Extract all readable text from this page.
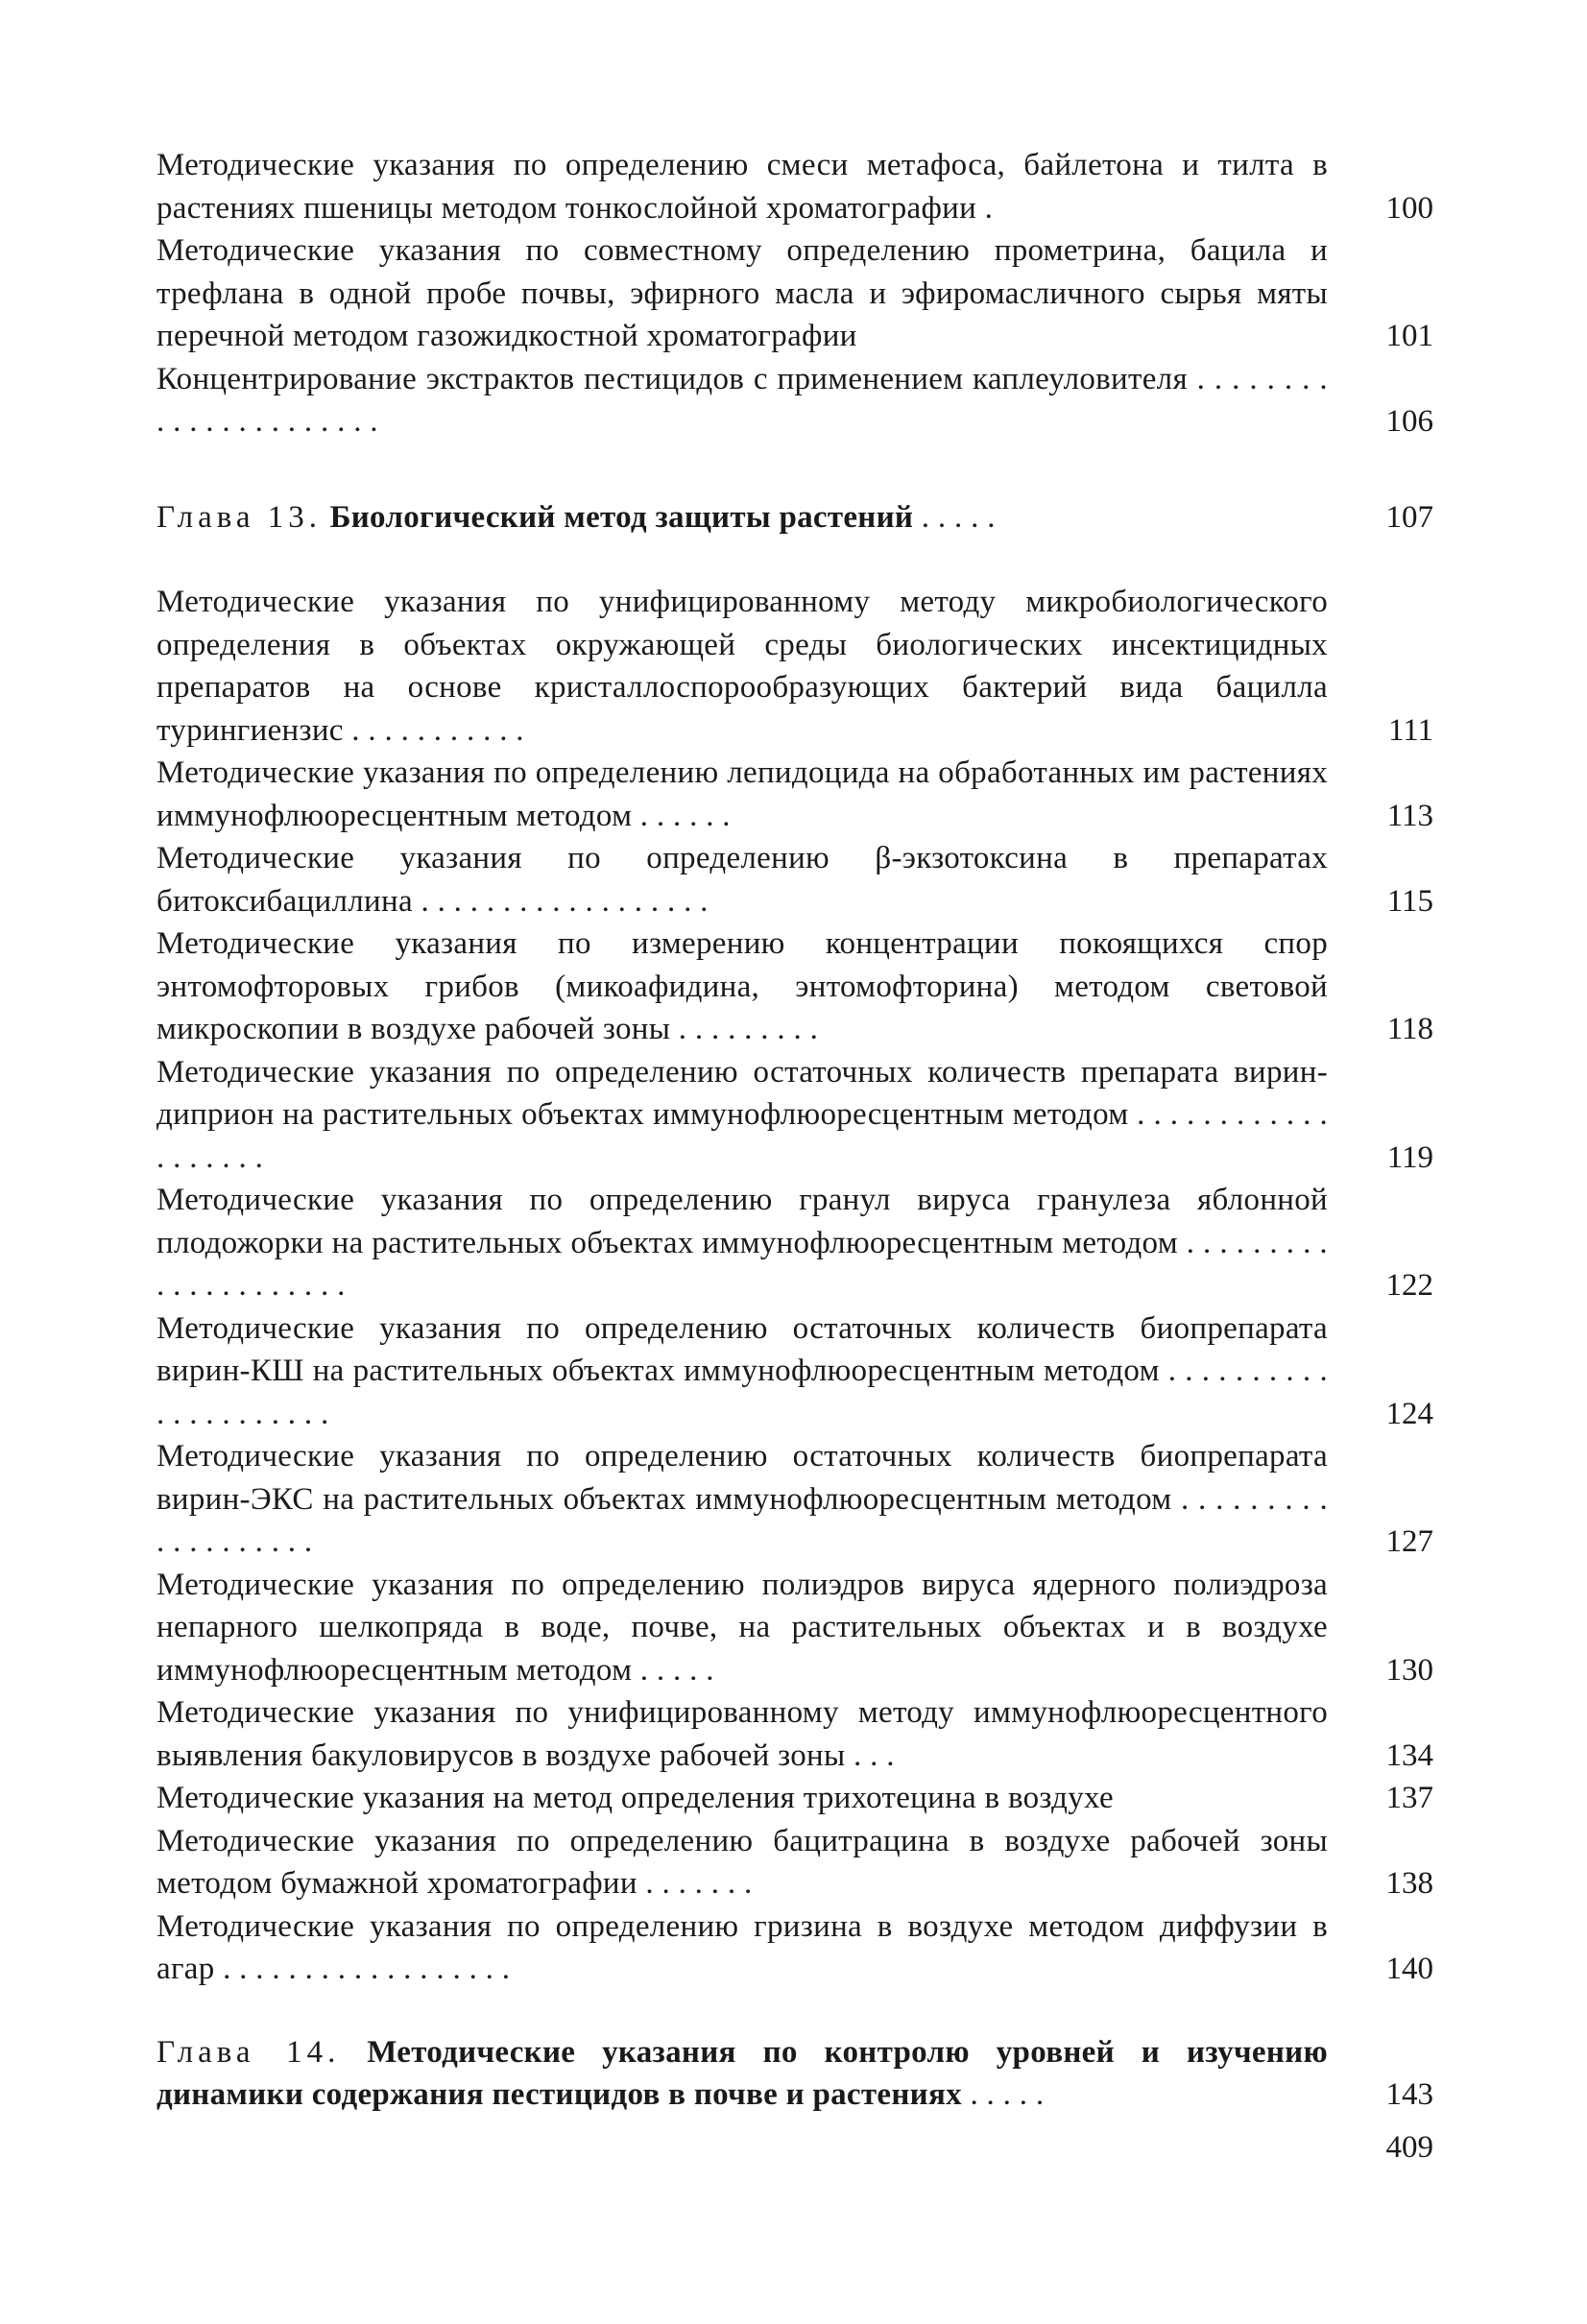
Методические указания по определению смеси метафоса, байлетона и тилта в растениях пшеницы методом тонкослойной хроматографии .	100
Методические указания по совместному определению прометрина, бацила и трефлана в одной пробе почвы, эфирного масла и эфиромасличного сырья мяты перечной методом газожидкостной хроматографии	101
Концентрирование экстрактов пестицидов с применением каплеуловителя . . . . . . . . . . . . . . . . . . . . . .	106
Глава 13. Биологический метод защиты растений . . . . .	107
Методические указания по унифицированному методу микробиологического определения в объектах окружающей среды биологических инсектицидных препаратов на основе кристаллоспорообразующих бактерий вида бацилла турингиензис . . . . . . . . . . .	111
Методические указания по определению лепидоцида на обработанных им растениях иммунофлюоресцентным методом . . . . . .	113
Методические указания по определению β-экзотоксина в препаратах битоксибациллина . . . . . . . . . . . . . . . . . .	115
Методические указания по измерению концентрации покоящихся спор энтомофторовых грибов (микоафидина, энтомофторина) методом световой микроскопии в воздухе рабочей зоны . . . . . . . . .	118
Методические указания по определению остаточных количеств препарата вирин-диприон на растительных объектах иммунофлюоресцентным методом . . . . . . . . . . . . . . . . . . .	119
Методические указания по определению гранул вируса гранулеза яблонной плодожорки на растительных объектах иммунофлюоресцентным методом . . . . . . . . . . . . . . . . . . . . .	122
Методические указания по определению остаточных количеств биопрепарата вирин-КШ на растительных объектах иммунофлюоресцентным методом . . . . . . . . . . . . . . . . . . . . .	124
Методические указания по определению остаточных количеств биопрепарата вирин-ЭКС на растительных объектах иммунофлюоресцентным методом . . . . . . . . . . . . . . . . . . .	127
Методические указания по определению полиэдров вируса ядерного полиэдроза непарного шелкопряда в воде, почве, на растительных объектах и в воздухе иммунофлюоресцентным методом . . . . .	130
Методические указания по унифицированному методу иммунофлюоресцентного выявления бакуловирусов в воздухе рабочей зоны . . .	134
Методические указания на метод определения трихотецина в воздухе	137
Методические указания по определению бацитрацина в воздухе рабочей зоны методом бумажной хроматографии . . . . . . .	138
Методические указания по определению гризина в воздухе методом диффузии в агар . . . . . . . . . . . . . . . . . .	140
Глава 14. Методические указания по контролю уровней и изучению динамики содержания пестицидов в почве и растениях . . . . .	143
409
